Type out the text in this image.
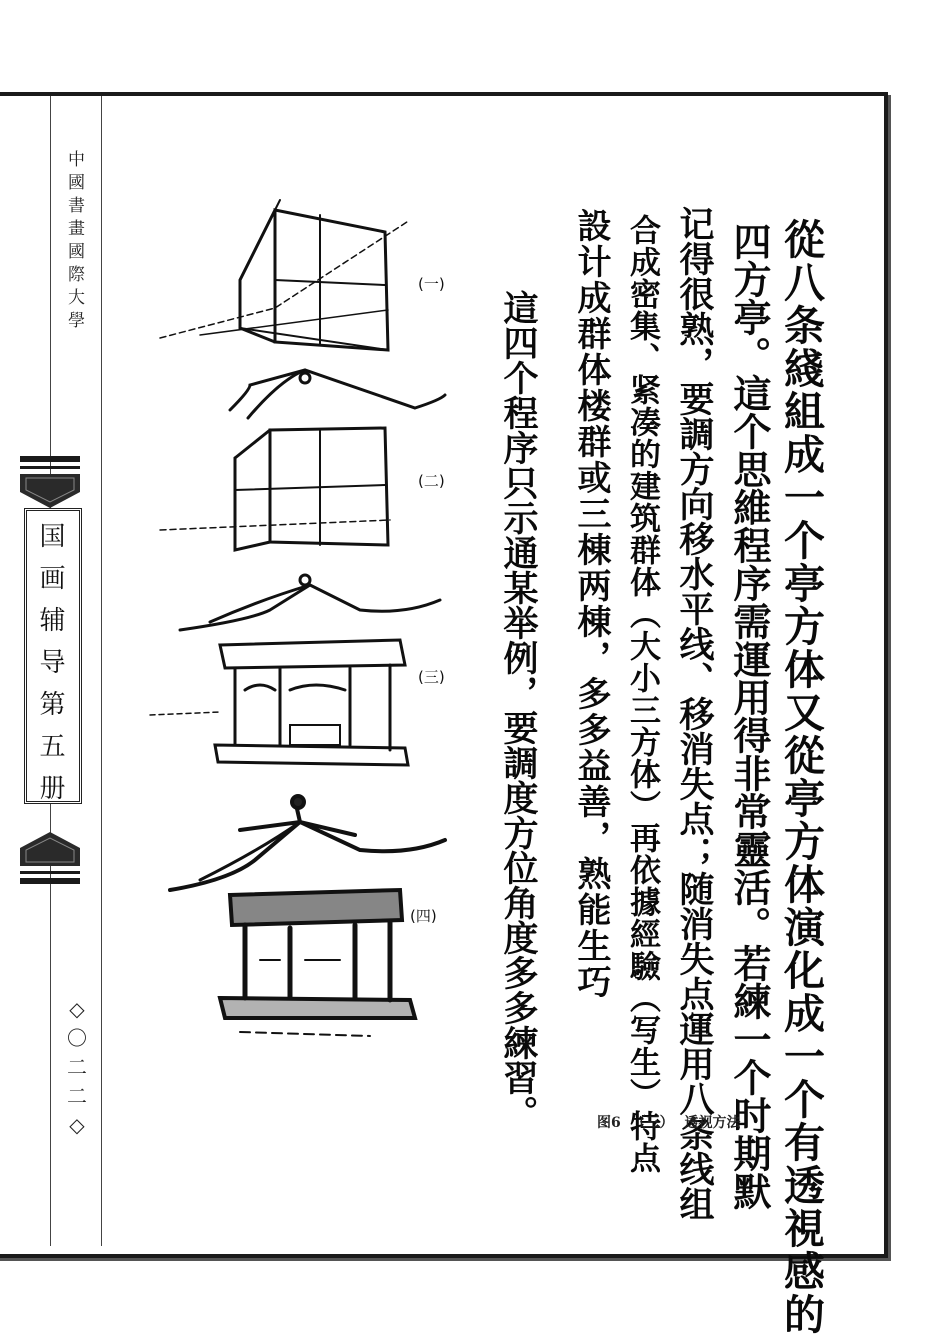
中國書畫國際大學
国画辅导第五册
◇
〇
二
二
◇	從八条綫組成一个亭方体又從亭方体演化成一个有透視感的
四方亭。這个思維程序需運用得非常靈活。若練一个时期默
记得很熟，要調方向移水平线、移消失点；随消失点運用八条线组
合成密集、紧凑的建筑群体（大小三方体）再依據經驗（写生）特点
設计成群体楼群或三棟两棟，多多益善，熟能生巧
這四个程序只示通某举例，要調度方位角度多多練習。
(一)
(二)
(三)
(四)
图6 （三） 透视方法
